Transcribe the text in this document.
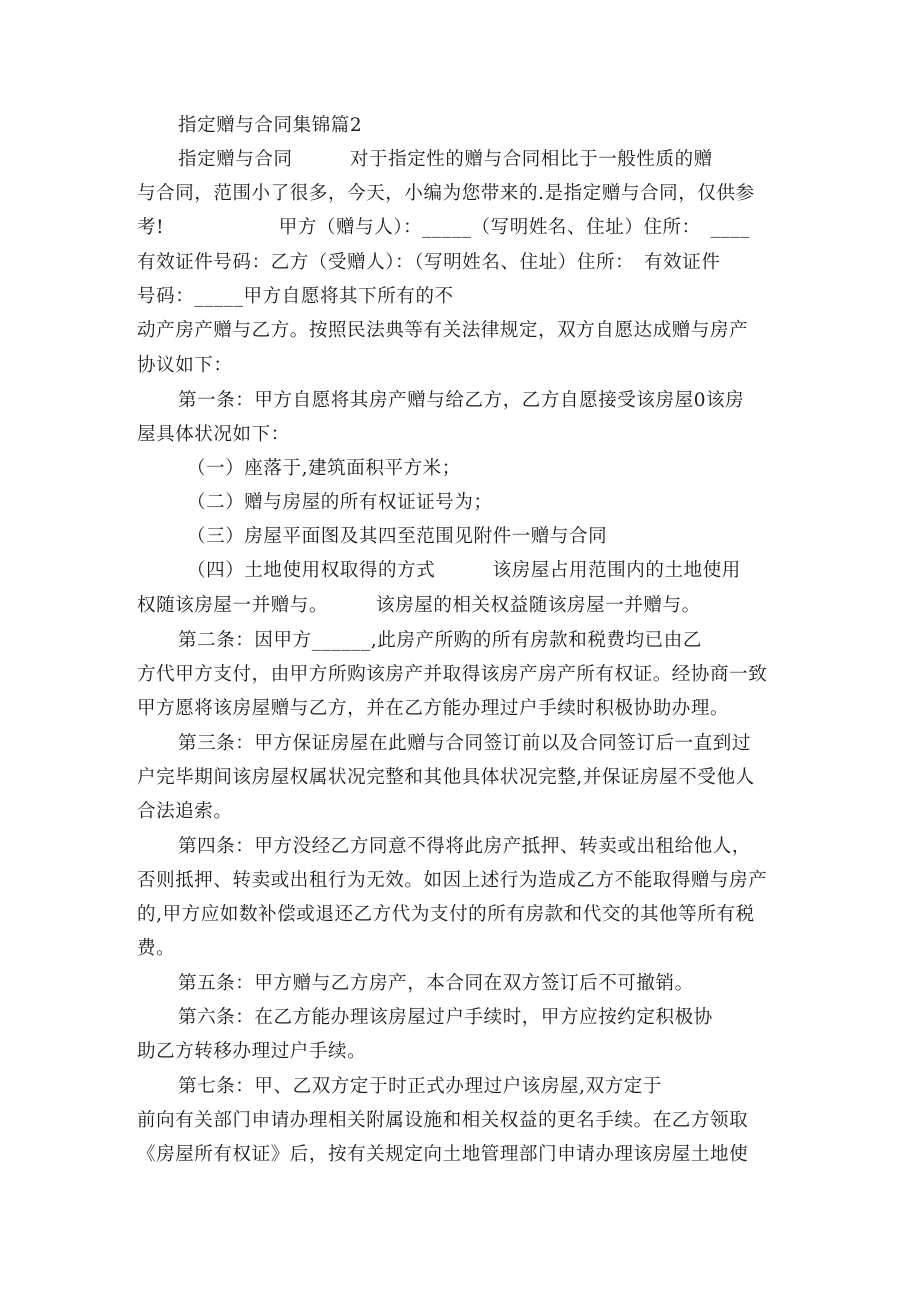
指定赠与合同集锦篇2
指定赠与合同　　　对于指定性的赠与合同相比于一般性质的赠
与合同，范围小了很多，今天，小编为您带来的.是指定赠与合同，仅供参
考!　　　　　　甲方（赠与人）：_____（写明姓名、住址）住所：　____
有效证件号码：乙方（受赠人）：（写明姓名、住址）住所：　有效证件
号码：_____甲方自愿将其下所有的不
动产房产赠与乙方。按照民法典等有关法律规定，双方自愿达成赠与房产
协议如下：
第一条：甲方自愿将其房产赠与给乙方，乙方自愿接受该房屋0该房
屋具体状况如下：
（一）座落于,建筑面积平方米；
（二）赠与房屋的所有权证证号为；
（三）房屋平面图及其四至范围见附件一赠与合同
（四）土地使用权取得的方式　　　该房屋占用范围内的土地使用
权随该房屋一并赠与。　　　该房屋的相关权益随该房屋一并赠与。
第二条：因甲方______,此房产所购的所有房款和税费均已由乙
方代甲方支付，由甲方所购该房产并取得该房产房产所有权证。经协商一致
甲方愿将该房屋赠与乙方，并在乙方能办理过户手续时积极协助办理。
第三条：甲方保证房屋在此赠与合同签订前以及合同签订后一直到过
户完毕期间该房屋权属状况完整和其他具体状况完整,并保证房屋不受他人
合法追索。
第四条：甲方没经乙方同意不得将此房产抵押、转卖或出租给他人，
否则抵押、转卖或出租行为无效。如因上述行为造成乙方不能取得赠与房产
的,甲方应如数补偿或退还乙方代为支付的所有房款和代交的其他等所有税
费。
第五条：甲方赠与乙方房产，本合同在双方签订后不可撤销。
第六条：在乙方能办理该房屋过户手续时，甲方应按约定积极协
助乙方转移办理过户手续。
第七条：甲、乙双方定于时正式办理过户该房屋,双方定于
前向有关部门申请办理相关附属设施和相关权益的更名手续。在乙方领取
《房屋所有权证》后，按有关规定向土地管理部门申请办理该房屋土地使
